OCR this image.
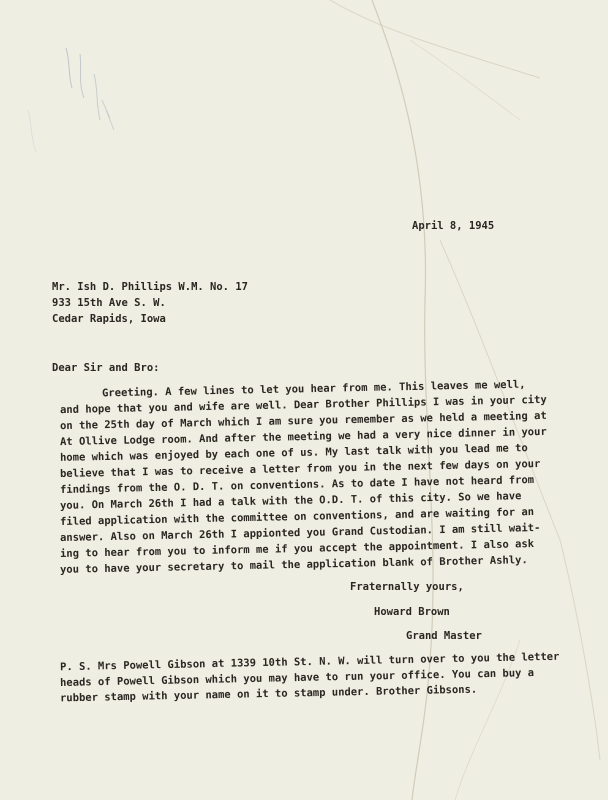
April 8, 1945
Mr. Ish D. Phillips W.M. No. 17
933 15th Ave S. W.
Cedar Rapids, Iowa
Dear Sir and Bro:
Greeting. A few lines to let you hear from me. This leaves me well,
and hope that you and wife are well. Dear Brother Phillips I was in your city
on the 25th day of March which I am sure you remember as we held a meeting at
At Ollive Lodge room. And after the meeting we had a very nice dinner in your
home which was enjoyed by each one of us. My last talk with you lead me to
believe that I was to receive a letter from you in the next few days on your
findings from the O. D. T. on conventions. As to date I have not heard from
you. On March 26th I had a talk with the O.D. T. of this city. So we have
filed application with the committee on conventions, and are waiting for an
answer. Also on March 26th I appionted you Grand Custodian. I am still wait-
ing to hear from you to inform me if you accept the appointment. I also ask
you to have your secretary to mail the application blank of Brother Ashly.
Fraternally yours,
Howard Brown
Grand Master
P. S. Mrs Powell Gibson at 1339 10th St. N. W. will turn over to you the letter
heads of Powell Gibson which you may have to run your office. You can buy a
rubber stamp with your name on it to stamp under. Brother Gibsons.
